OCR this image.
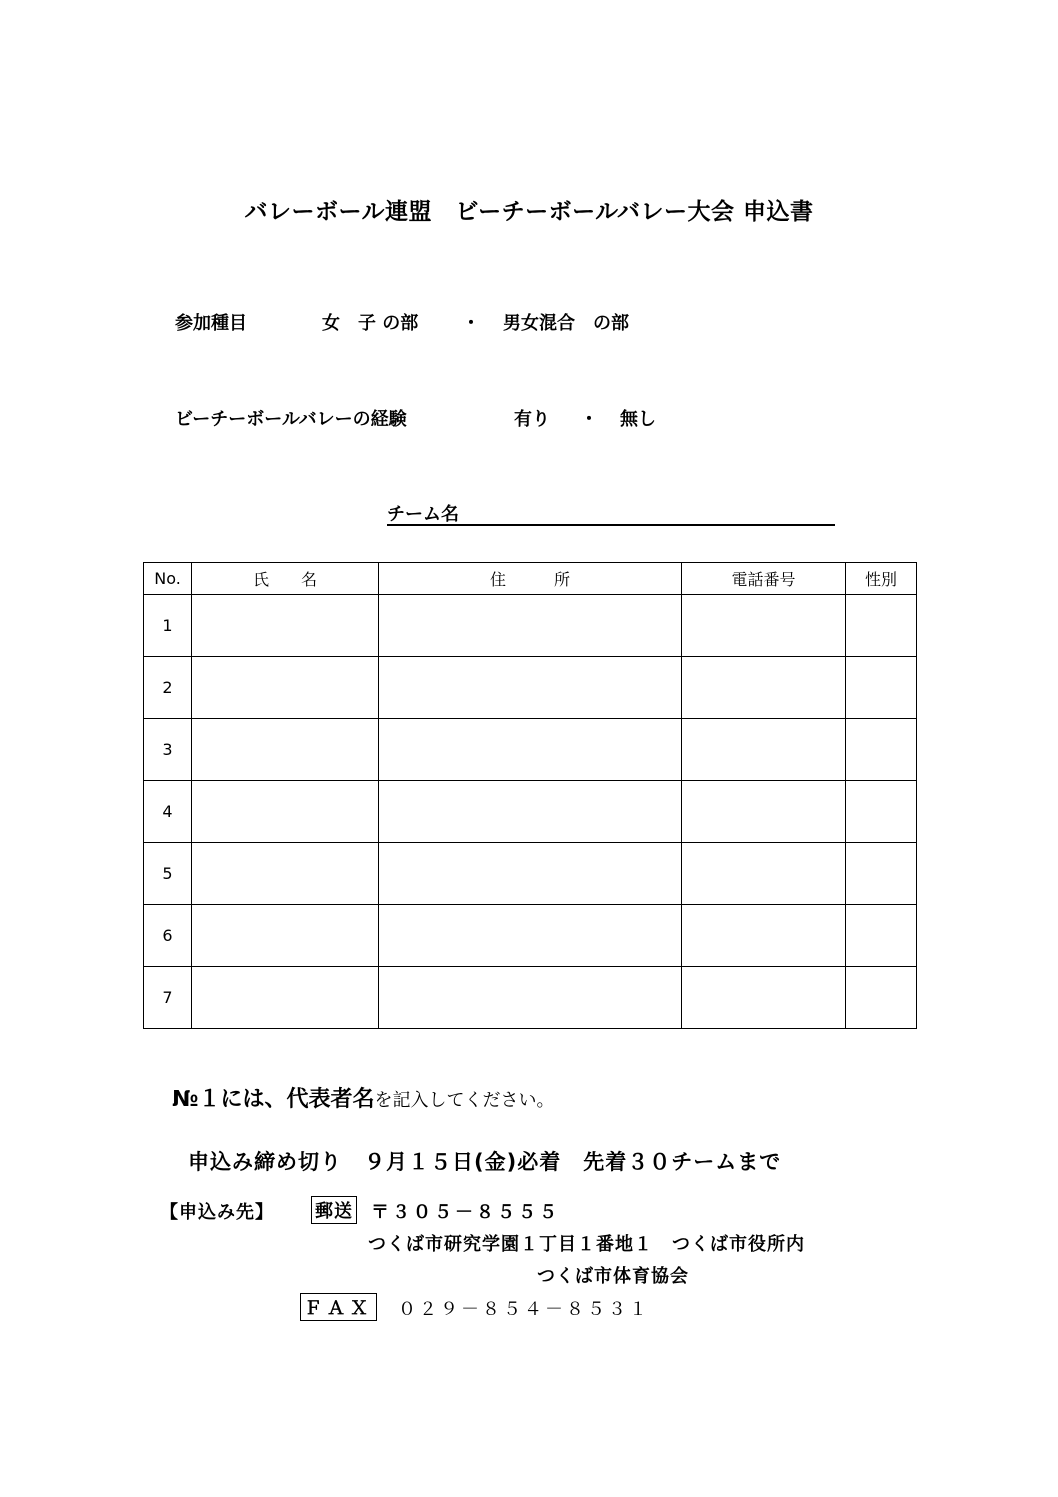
バレーボール連盟　ビーチーボールバレー大会 申込書
参加種目	女　子 の部 ・ 男女混合　の部
ビーチーボールバレーの経験	有り ・ 無し
チーム名
No.	氏　　名	住　　　所	電話番号	性別
1				
2				
3				
4				
5				
6				
7				
№１には、代表者名を記入してください。
申込み締め切り　９月１５日(金)必着　先着３０チームまで
【申込み先】 郵送 〒３０５－８５５５
つくば市研究学園１丁目１番地１　つくば市役所内
つくば市体育協会
ＦＡＸ ０２９－８５４－８５３１
